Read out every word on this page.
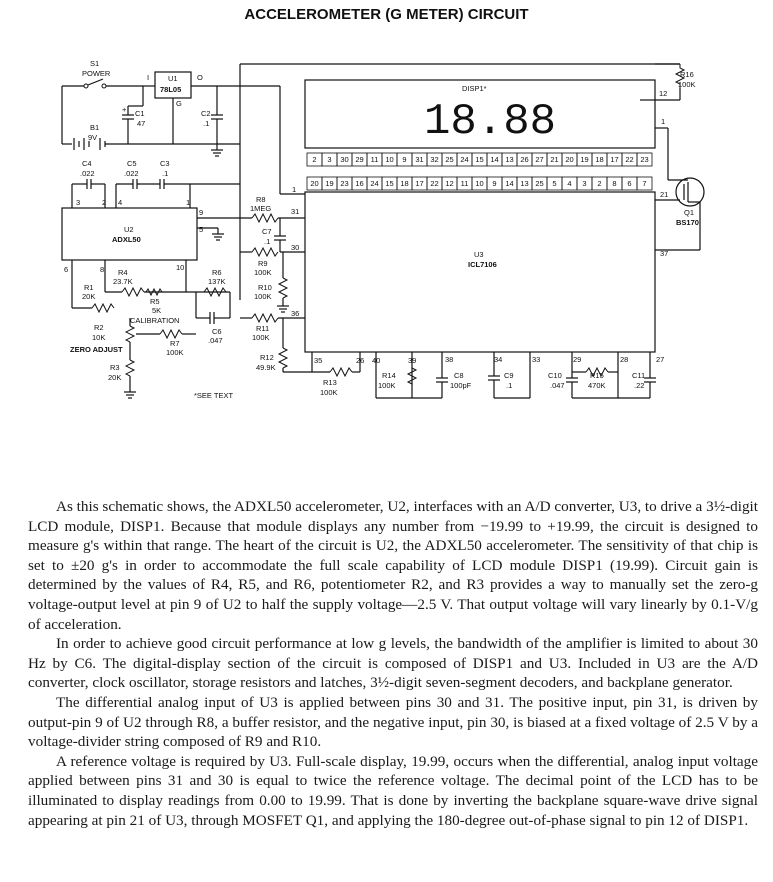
ACCELEROMETER (G METER) CIRCUIT
S1
POWER
B1
9V
I	O
U1
78L05
G
+ C1
47
C2
.1
C4
.022
C5
.022
C3
.1
3	2 4	1
9
5
6	8	10
U2
ADXL50
R8
1MEG
C7
.1
R9
100K
R10
100K
R1
20K
R4
23.7K
R5
5K
CALIBRATION
R6
137K
C6
.047
R11
100K
R2
10K
ZERO ADJUST
R7
100K
R3
20K
*SEE TEXT
R12
49.9K
DISP1*
18.88
12
1
2 3 30 29 11 10 9 31 32 25 24 15 14 13 26 27 21 20 19 18 17 22 23
20 19 23 16 24 15 18 17 22 12 11 10 9 14 13 25 5 4 3 2 8 6 7
U3
ICL7106
1
31
30
36
21
37
R16
100K
Q1
BS170
35	26 40	39	38	34	33	29	28	27
R13
100K
R14
100K
C8
100pF
C9
.1
C10
.047
R15
470K
C11
.22

As this schematic shows, the ADXL50 accelerometer, U2, interfaces with an A/D converter, U3, to drive a 3½-digit LCD module, DISP1. Because that module displays any number from −19.99 to +19.99, the circuit is designed to measure g's within that range. The heart of the circuit is U2, the ADXL50 accelerometer. The sensitivity of that chip is set to ±20 g's in order to accommodate the full scale capability of LCD module DISP1 (19.99). Circuit gain is determined by the values of R4, R5, and R6, potentiometer R2, and R3 provides a way to manually set the zero-g voltage-output level at pin 9 of U2 to half the supply voltage—2.5 V. That output voltage will vary linearly by 0.1-V/g of acceleration.

In order to achieve good circuit performance at low g levels, the bandwidth of the amplifier is limited to about 30 Hz by C6. The digital-display section of the circuit is composed of DISP1 and U3. Included in U3 are the A/D converter, clock oscillator, storage resistors and latches, 3½-digit seven-segment decoders, and backplane generator.

The differential analog input of U3 is applied between pins 30 and 31. The positive input, pin 31, is driven by output-pin 9 of U2 through R8, a buffer resistor, and the negative input, pin 30, is biased at a fixed voltage of 2.5 V by a voltage-divider string composed of R9 and R10.

A reference voltage is required by U3. Full-scale display, 19.99, occurs when the differential, analog input voltage applied between pins 31 and 30 is equal to twice the reference voltage. The decimal point of the LCD has to be illuminated to display readings from 0.00 to 19.99. That is done by inverting the backplane square-wave drive signal appearing at pin 21 of U3, through MOSFET Q1, and applying the 180-degree out-of-phase signal to pin 12 of DISP1.
